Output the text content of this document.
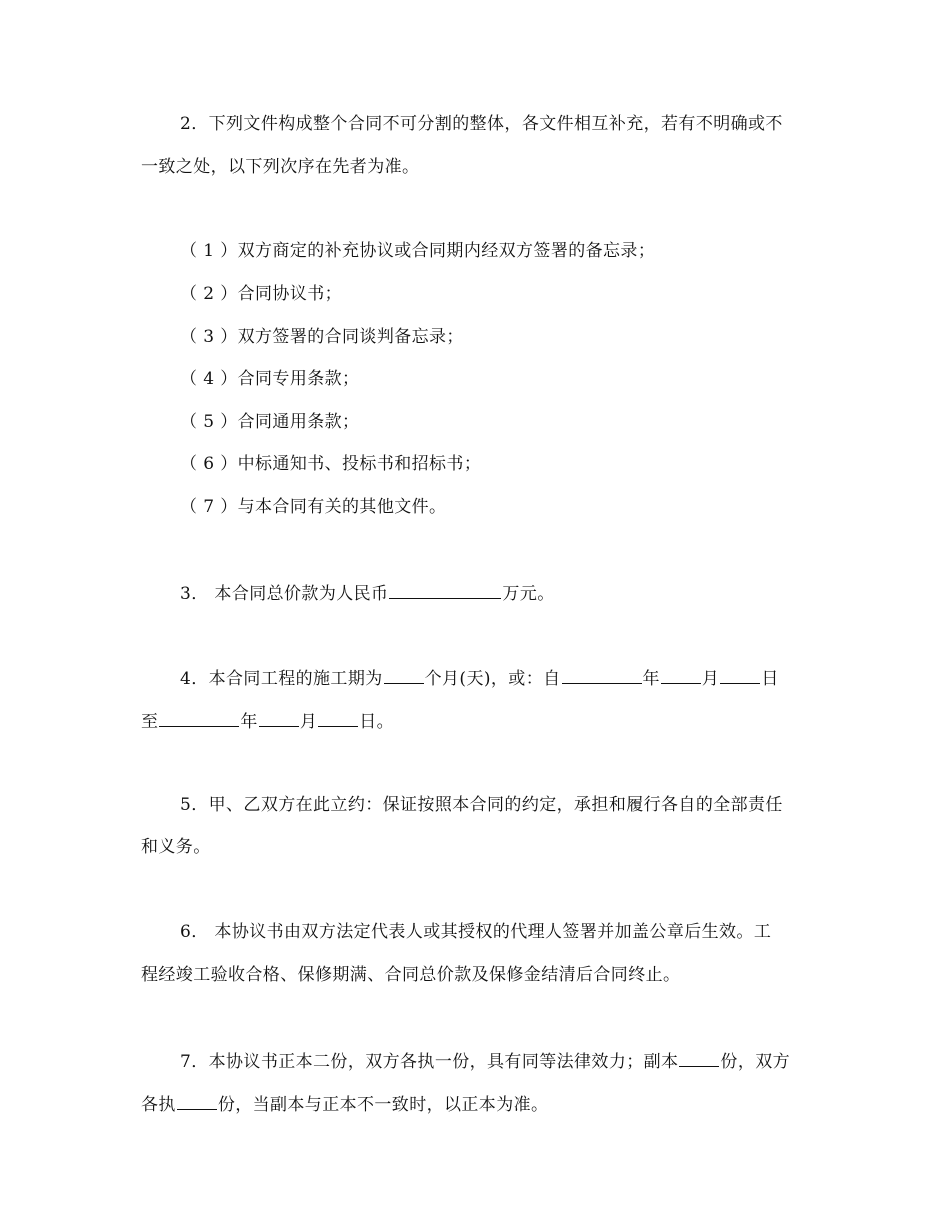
2．下列文件构成整个合同不可分割的整体，各文件相互补充，若有不明确或不
一致之处，以下列次序在先者为准。
（ 1 ）双方商定的补充协议或合同期内经双方签署的备忘录；
（ 2 ）合同协议书；
（ 3 ）双方签署的合同谈判备忘录；
（ 4 ）合同专用条款；
（ 5 ）合同通用条款；
（ 6 ）中标通知书、投标书和招标书；
（ 7 ）与本合同有关的其他文件。
3． 本合同总价款为人民币	万元。
4．本合同工程的施工期为 个月(天)，或：自	年 月 日
至	年 月 日。
5．甲、乙双方在此立约：保证按照本合同的约定，承担和履行各自的全部责任
和义务。
6． 本协议书由双方法定代表人或其授权的代理人签署并加盖公章后生效。工
程经竣工验收合格、保修期满、合同总价款及保修金结清后合同终止。
7．本协议书正本二份，双方各执一份，具有同等法律效力；副本 份，双方
各执 份，当副本与正本不一致时，以正本为准。
